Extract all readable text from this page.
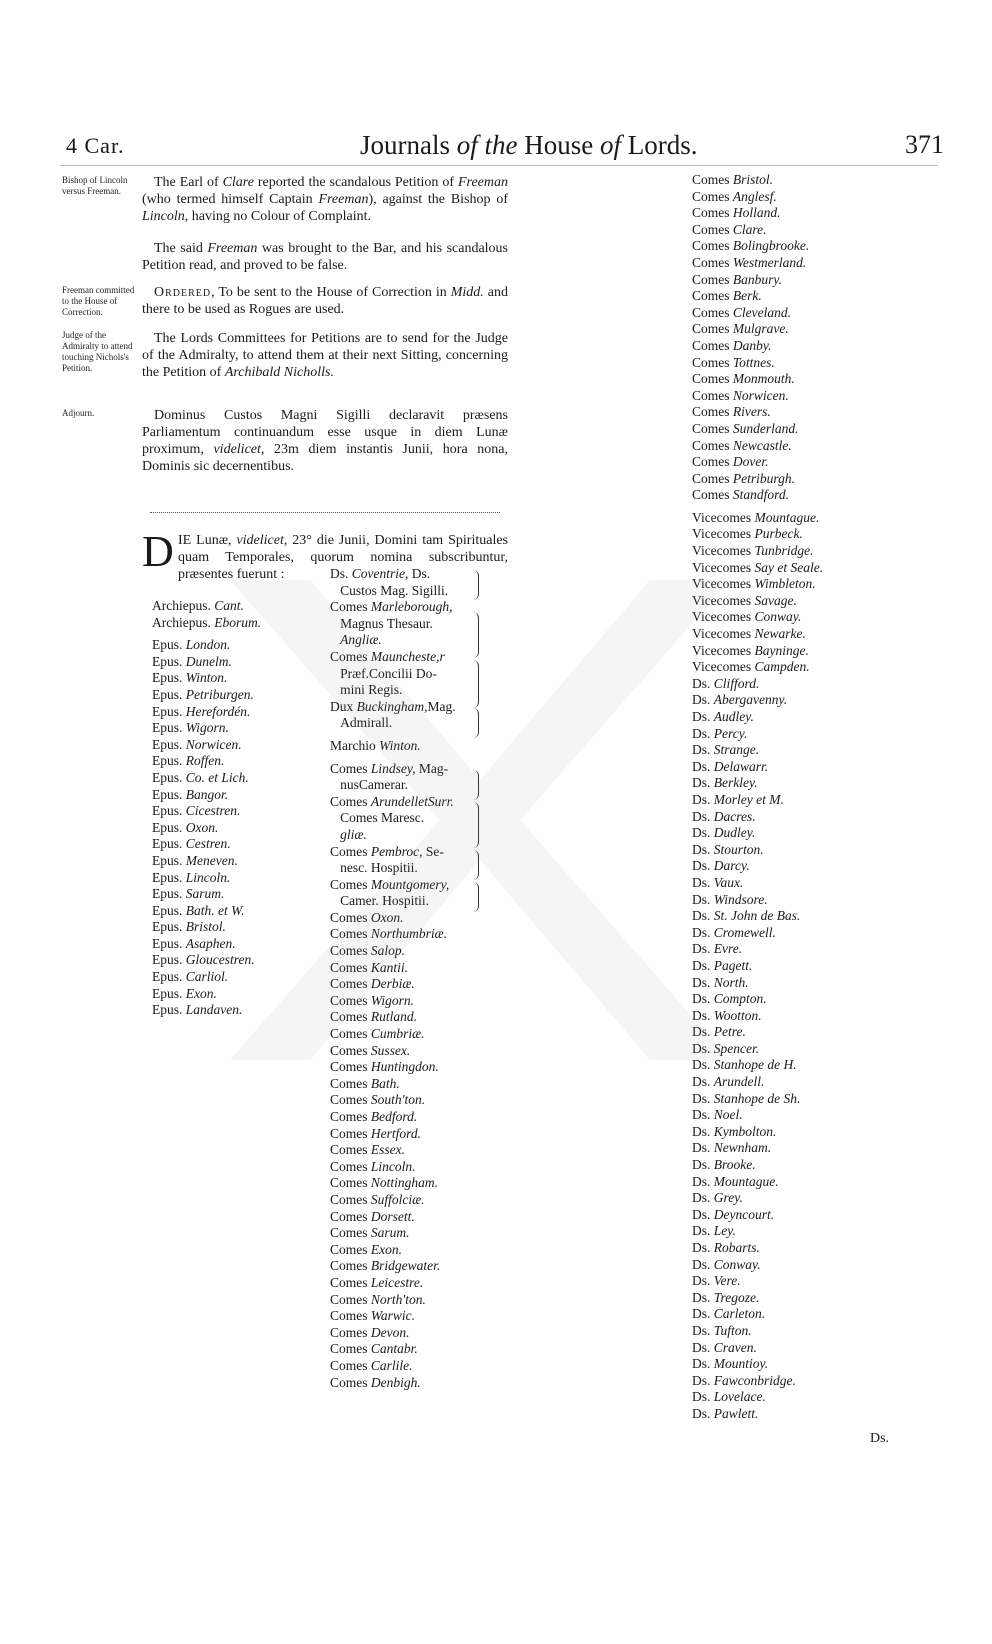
4 Car.	Journals of the House of Lords.	371
Bishop of Lincoln versus Freeman.
Freeman committed to the House of Correction.
Judge of the Admiralty to attend touching Nichols's Petition.
Adjourn.
The Earl of Clare reported the scandalous Petition of Freeman (who termed himself Captain Freeman), against the Bishop of Lincoln, having no Colour of Complaint.
The said Freeman was brought to the Bar, and his scandalous Petition read, and proved to be false.
Ordered, To be sent to the House of Correction in Midd. and there to be used as Rogues are used.
The Lords Committees for Petitions are to send for the Judge of the Admiralty, to attend them at their next Sitting, concerning the Petition of Archibald Nicholls.
Dominus Custos Magni Sigilli declaravit præsens Parliamentum continuandum esse usque in diem Lunæ proximum, videlicet, 23m diem instantis Junii, hora nona, Dominis sic decernentibus.
D IE Lunæ, videlicet, 23° die Junii, Domini tam Spirituales quam Temporales, quorum nomina subscribuntur, præsentes fuerunt :
Archiepus. Cant.
Archiepus. Eborum.
Epus. London.
Epus. Dunelm.
Epus. Winton.
Epus. Petriburgen.
Epus. Herefordén.
Epus. Wigorn.
Epus. Norwicen.
Epus. Roffen.
Epus. Co. et Lich.
Epus. Bangor.
Epus. Cicestren.
Epus. Oxon.
Epus. Cestren.
Epus. Meneven.
Epus. Lincoln.
Epus. Sarum.
Epus. Bath. et W.
Epus. Bristol.
Epus. Asaphen.
Epus. Gloucestren.
Epus. Carliol.
Epus. Exon.
Epus. Landaven.
Ds. Coventrie, Ds.
Custos Mag. Sigilli.
Comes Marleborough,
Magnus Thesaur.
Angliæ.
Comes Mauncheste,r
Præf.Concilii Do-
mini Regis.
Dux Buckingham,Mag.
Admirall.
Marchio Winton.
Comes Lindsey, Mag-
nusCamerar.
Comes ArundelletSurr.
Comes Maresc.
gliæ.
Comes Pembroc, Se-
nesc. Hospitii.
Comes Mountgomery,
Camer. Hospitii.
Comes Oxon.
Comes Northumbriæ.
Comes Salop.
Comes Kantii.
Comes Derbiæ.
Comes Wigorn.
Comes Rutland.
Comes Cumbriæ.
Comes Sussex.
Comes Huntingdon.
Comes Bath.
Comes South'ton.
Comes Bedford.
Comes Hertford.
Comes Essex.
Comes Lincoln.
Comes Nottingham.
Comes Suffolciæ.
Comes Dorsett.
Comes Sarum.
Comes Exon.
Comes Bridgewater.
Comes Leicestre.
Comes North'ton.
Comes Warwic.
Comes Devon.
Comes Cantabr.
Comes Carlile.
Comes Denbigh.
Comes Bristol.
Comes Anglesf.
Comes Holland.
Comes Clare.
Comes Bolingbrooke.
Comes Westmerland.
Comes Banbury.
Comes Berk.
Comes Cleveland.
Comes Mulgrave.
Comes Danby.
Comes Tottnes.
Comes Monmouth.
Comes Norwicen.
Comes Rivers.
Comes Sunderland.
Comes Newcastle.
Comes Dover.
Comes Petriburgh.
Comes Standford.
Vicecomes Mountague.
Vicecomes Purbeck.
Vicecomes Tunbridge.
Vicecomes Say et Seale.
Vicecomes Wimbleton.
Vicecomes Savage.
Vicecomes Conway.
Vicecomes Newarke.
Vicecomes Bayninge.
Vicecomes Campden.
Ds. Clifford.
Ds. Abergavenny.
Ds. Audley.
Ds. Percy.
Ds. Strange.
Ds. Delawarr.
Ds. Berkley.
Ds. Morley et M.
Ds. Dacres.
Ds. Dudley.
Ds. Stourton.
Ds. Darcy.
Ds. Vaux.
Ds. Windsore.
Ds. St. John de Bas.
Ds. Cromewell.
Ds. Evre.
Ds. Pagett.
Ds. North.
Ds. Compton.
Ds. Wootton.
Ds. Petre.
Ds. Spencer.
Ds. Stanhope de H.
Ds. Arundell.
Ds. Stanhope de Sh.
Ds. Noel.
Ds. Kymbolton.
Ds. Newnham.
Ds. Brooke.
Ds. Mountague.
Ds. Grey.
Ds. Deyncourt.
Ds. Ley.
Ds. Robarts.
Ds. Conway.
Ds. Vere.
Ds. Tregoze.
Ds. Carleton.
Ds. Tufton.
Ds. Craven.
Ds. Mountioy.
Ds. Fawconbridge.
Ds. Lovelace.
Ds. Pawlett.
Ds.
